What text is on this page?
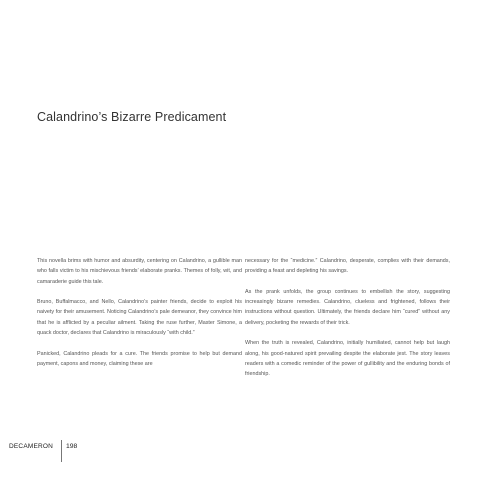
Calandrino’s Bizarre Predicament

This novella brims with humor and absurdity, centering on Calandrino, a gullible man who falls victim to his mischievous friends’ elaborate pranks. Themes of folly, wit, and camaraderie guide this tale.

Bruno, Buffalmacco, and Nello, Calandrino’s painter friends, decide to exploit his naivety for their amusement. Noticing Calandrino’s pale demeanor, they convince him that he is afflicted by a peculiar ailment. Taking the ruse further, Master Simone, a quack doctor, declares that Calandrino is miraculously “with child.”

Panicked, Calandrino pleads for a cure. The friends promise to help but demand payment, capons and money, claiming these are

necessary for the “medicine.” Calandrino, desperate, complies with their demands, providing a feast and depleting his savings.

As the prank unfolds, the group continues to embellish the story, suggesting increasingly bizarre remedies. Calandrino, clueless and frightened, follows their instructions without question. Ultimately, the friends declare him “cured” without any delivery, pocketing the rewards of their trick.

When the truth is revealed, Calandrino, initially humiliated, cannot help but laugh along, his good-natured spirit prevailing despite the elaborate jest. The story leaves readers with a comedic reminder of the power of gullibility and the enduring bonds of friendship.

DECAMERON 198
